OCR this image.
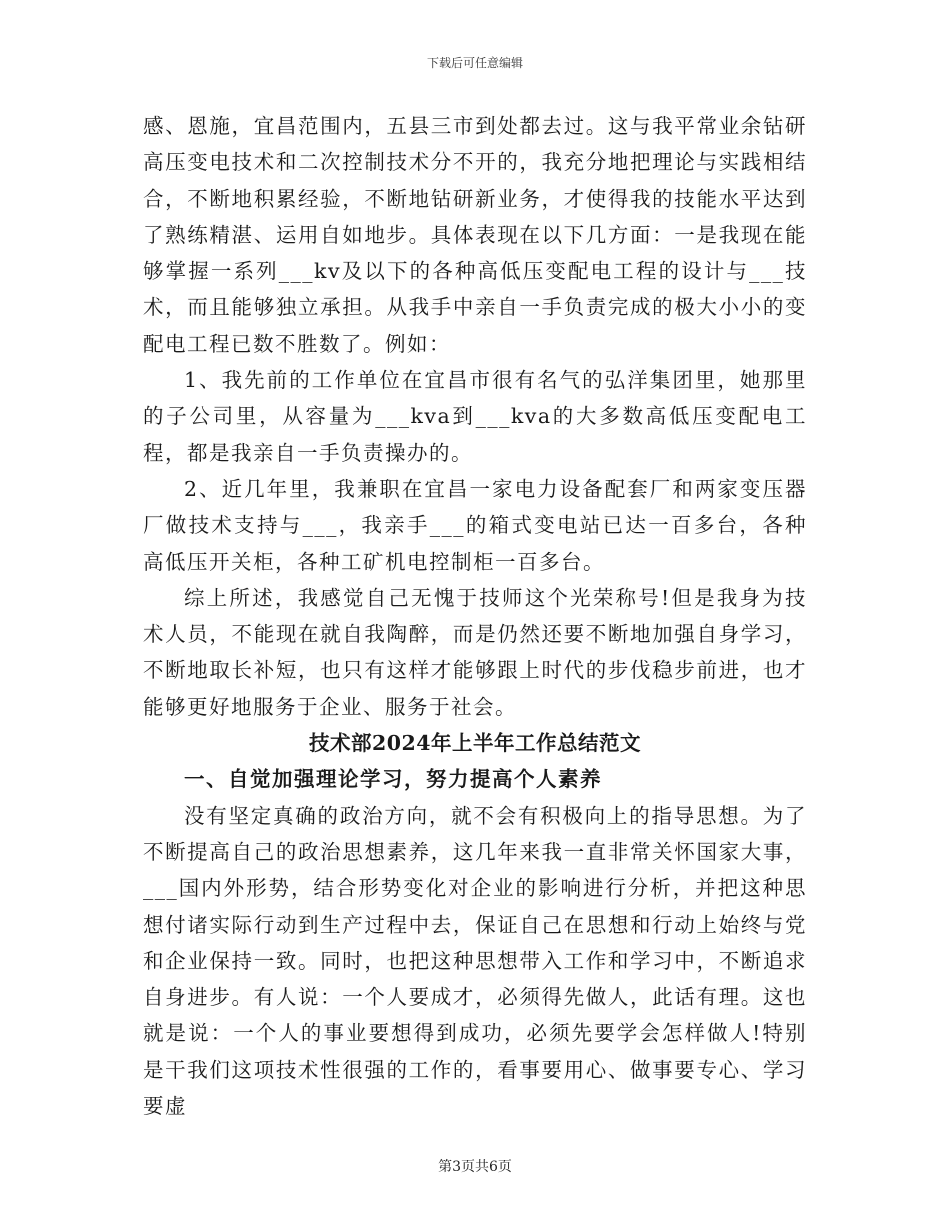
下载后可任意编辑

感、恩施，宜昌范围内，五县三市到处都去过。这与我平常业余钻研高压变电技术和二次控制技术分不开的，我充分地把理论与实践相结合，不断地积累经验，不断地钻研新业务，才使得我的技能水平达到了熟练精湛、运用自如地步。具体表现在以下几方面：一是我现在能够掌握一系列___kv及以下的各种高低压变配电工程的设计与___技术，而且能够独立承担。从我手中亲自一手负责完成的极大小小的变配电工程已数不胜数了。例如：

1、我先前的工作单位在宜昌市很有名气的弘洋集团里，她那里的子公司里，从容量为___kva到___kva的大多数高低压变配电工程，都是我亲自一手负责操办的。

2、近几年里，我兼职在宜昌一家电力设备配套厂和两家变压器厂做技术支持与___，我亲手___的箱式变电站已达一百多台，各种高低压开关柜，各种工矿机电控制柜一百多台。

综上所述，我感觉自己无愧于技师这个光荣称号!但是我身为技术人员，不能现在就自我陶醉，而是仍然还要不断地加强自身学习，不断地取长补短，也只有这样才能够跟上时代的步伐稳步前进，也才能够更好地服务于企业、服务于社会。

技术部2024年上半年工作总结范文

一、自觉加强理论学习，努力提高个人素养

没有坚定真确的政治方向，就不会有积极向上的指导思想。为了不断提高自己的政治思想素养，这几年来我一直非常关怀国家大事，___国内外形势，结合形势变化对企业的影响进行分析，并把这种思想付诸实际行动到生产过程中去，保证自己在思想和行动上始终与党和企业保持一致。同时，也把这种思想带入工作和学习中，不断追求自身进步。有人说：一个人要成才，必须得先做人，此话有理。这也就是说：一个人的事业要想得到成功，必须先要学会怎样做人!特别是干我们这项技术性很强的工作的，看事要用心、做事要专心、学习要虚

第3页共6页
